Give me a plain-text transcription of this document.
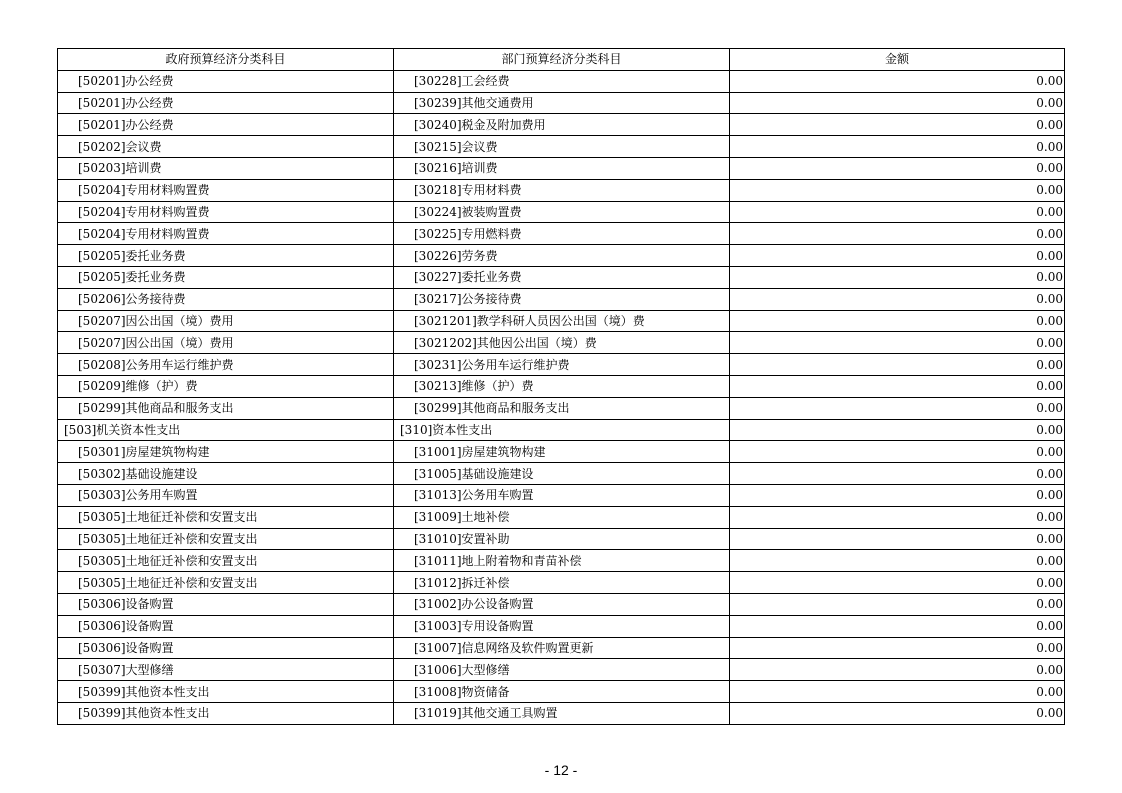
政府预算经济分类科目	部门预算经济分类科目	金额
[50201]办公经费	[30228]工会经费	0.00
[50201]办公经费	[30239]其他交通费用	0.00
[50201]办公经费	[30240]税金及附加费用	0.00
[50202]会议费	[30215]会议费	0.00
[50203]培训费	[30216]培训费	0.00
[50204]专用材料购置费	[30218]专用材料费	0.00
[50204]专用材料购置费	[30224]被装购置费	0.00
[50204]专用材料购置费	[30225]专用燃料费	0.00
[50205]委托业务费	[30226]劳务费	0.00
[50205]委托业务费	[30227]委托业务费	0.00
[50206]公务接待费	[30217]公务接待费	0.00
[50207]因公出国（境）费用	[3021201]教学科研人员因公出国（境）费	0.00
[50207]因公出国（境）费用	[3021202]其他因公出国（境）费	0.00
[50208]公务用车运行维护费	[30231]公务用车运行维护费	0.00
[50209]维修（护）费	[30213]维修（护）费	0.00
[50299]其他商品和服务支出	[30299]其他商品和服务支出	0.00
[503]机关资本性支出	[310]资本性支出	0.00
[50301]房屋建筑物构建	[31001]房屋建筑物构建	0.00
[50302]基础设施建设	[31005]基础设施建设	0.00
[50303]公务用车购置	[31013]公务用车购置	0.00
[50305]土地征迁补偿和安置支出	[31009]土地补偿	0.00
[50305]土地征迁补偿和安置支出	[31010]安置补助	0.00
[50305]土地征迁补偿和安置支出	[31011]地上附着物和青苗补偿	0.00
[50305]土地征迁补偿和安置支出	[31012]拆迁补偿	0.00
[50306]设备购置	[31002]办公设备购置	0.00
[50306]设备购置	[31003]专用设备购置	0.00
[50306]设备购置	[31007]信息网络及软件购置更新	0.00
[50307]大型修缮	[31006]大型修缮	0.00
[50399]其他资本性支出	[31008]物资储备	0.00
[50399]其他资本性支出	[31019]其他交通工具购置	0.00
- 12 -
